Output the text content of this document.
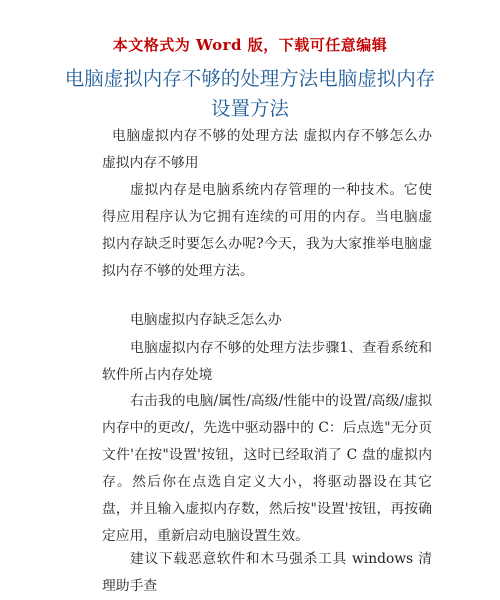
本文格式为 Word 版，下载可任意编辑
电脑虚拟内存不够的处理方法电脑虚拟内存设置方法

电脑虚拟内存不够的处理方法 虚拟内存不够怎么办 虚拟内存不够用

虚拟内存是电脑系统内存管理的一种技术。它使得应用程序认为它拥有连续的可用的内存。当电脑虚拟内存缺乏时要怎么办呢?今天，我为大家推举电脑虚拟内存不够的处理方法。

电脑虚拟内存缺乏怎么办

电脑虚拟内存不够的处理方法步骤1、查看系统和软件所占内存处境

右击我的电脑/属性/高级/性能中的设置/高级/虚拟内存中的更改/，先选中驱动器中的 C：后点选"无分页文件'在按"设置'按钮，这时已经取消了 C 盘的虚拟内存。然后你在点选自定义大小，将驱动器设在其它盘，并且输入虚拟内存数，然后按"设置'按钮，再按确定应用，重新启动电脑设置生效。

建议下载恶意软件和木马强杀工具 windows 清理助手查
